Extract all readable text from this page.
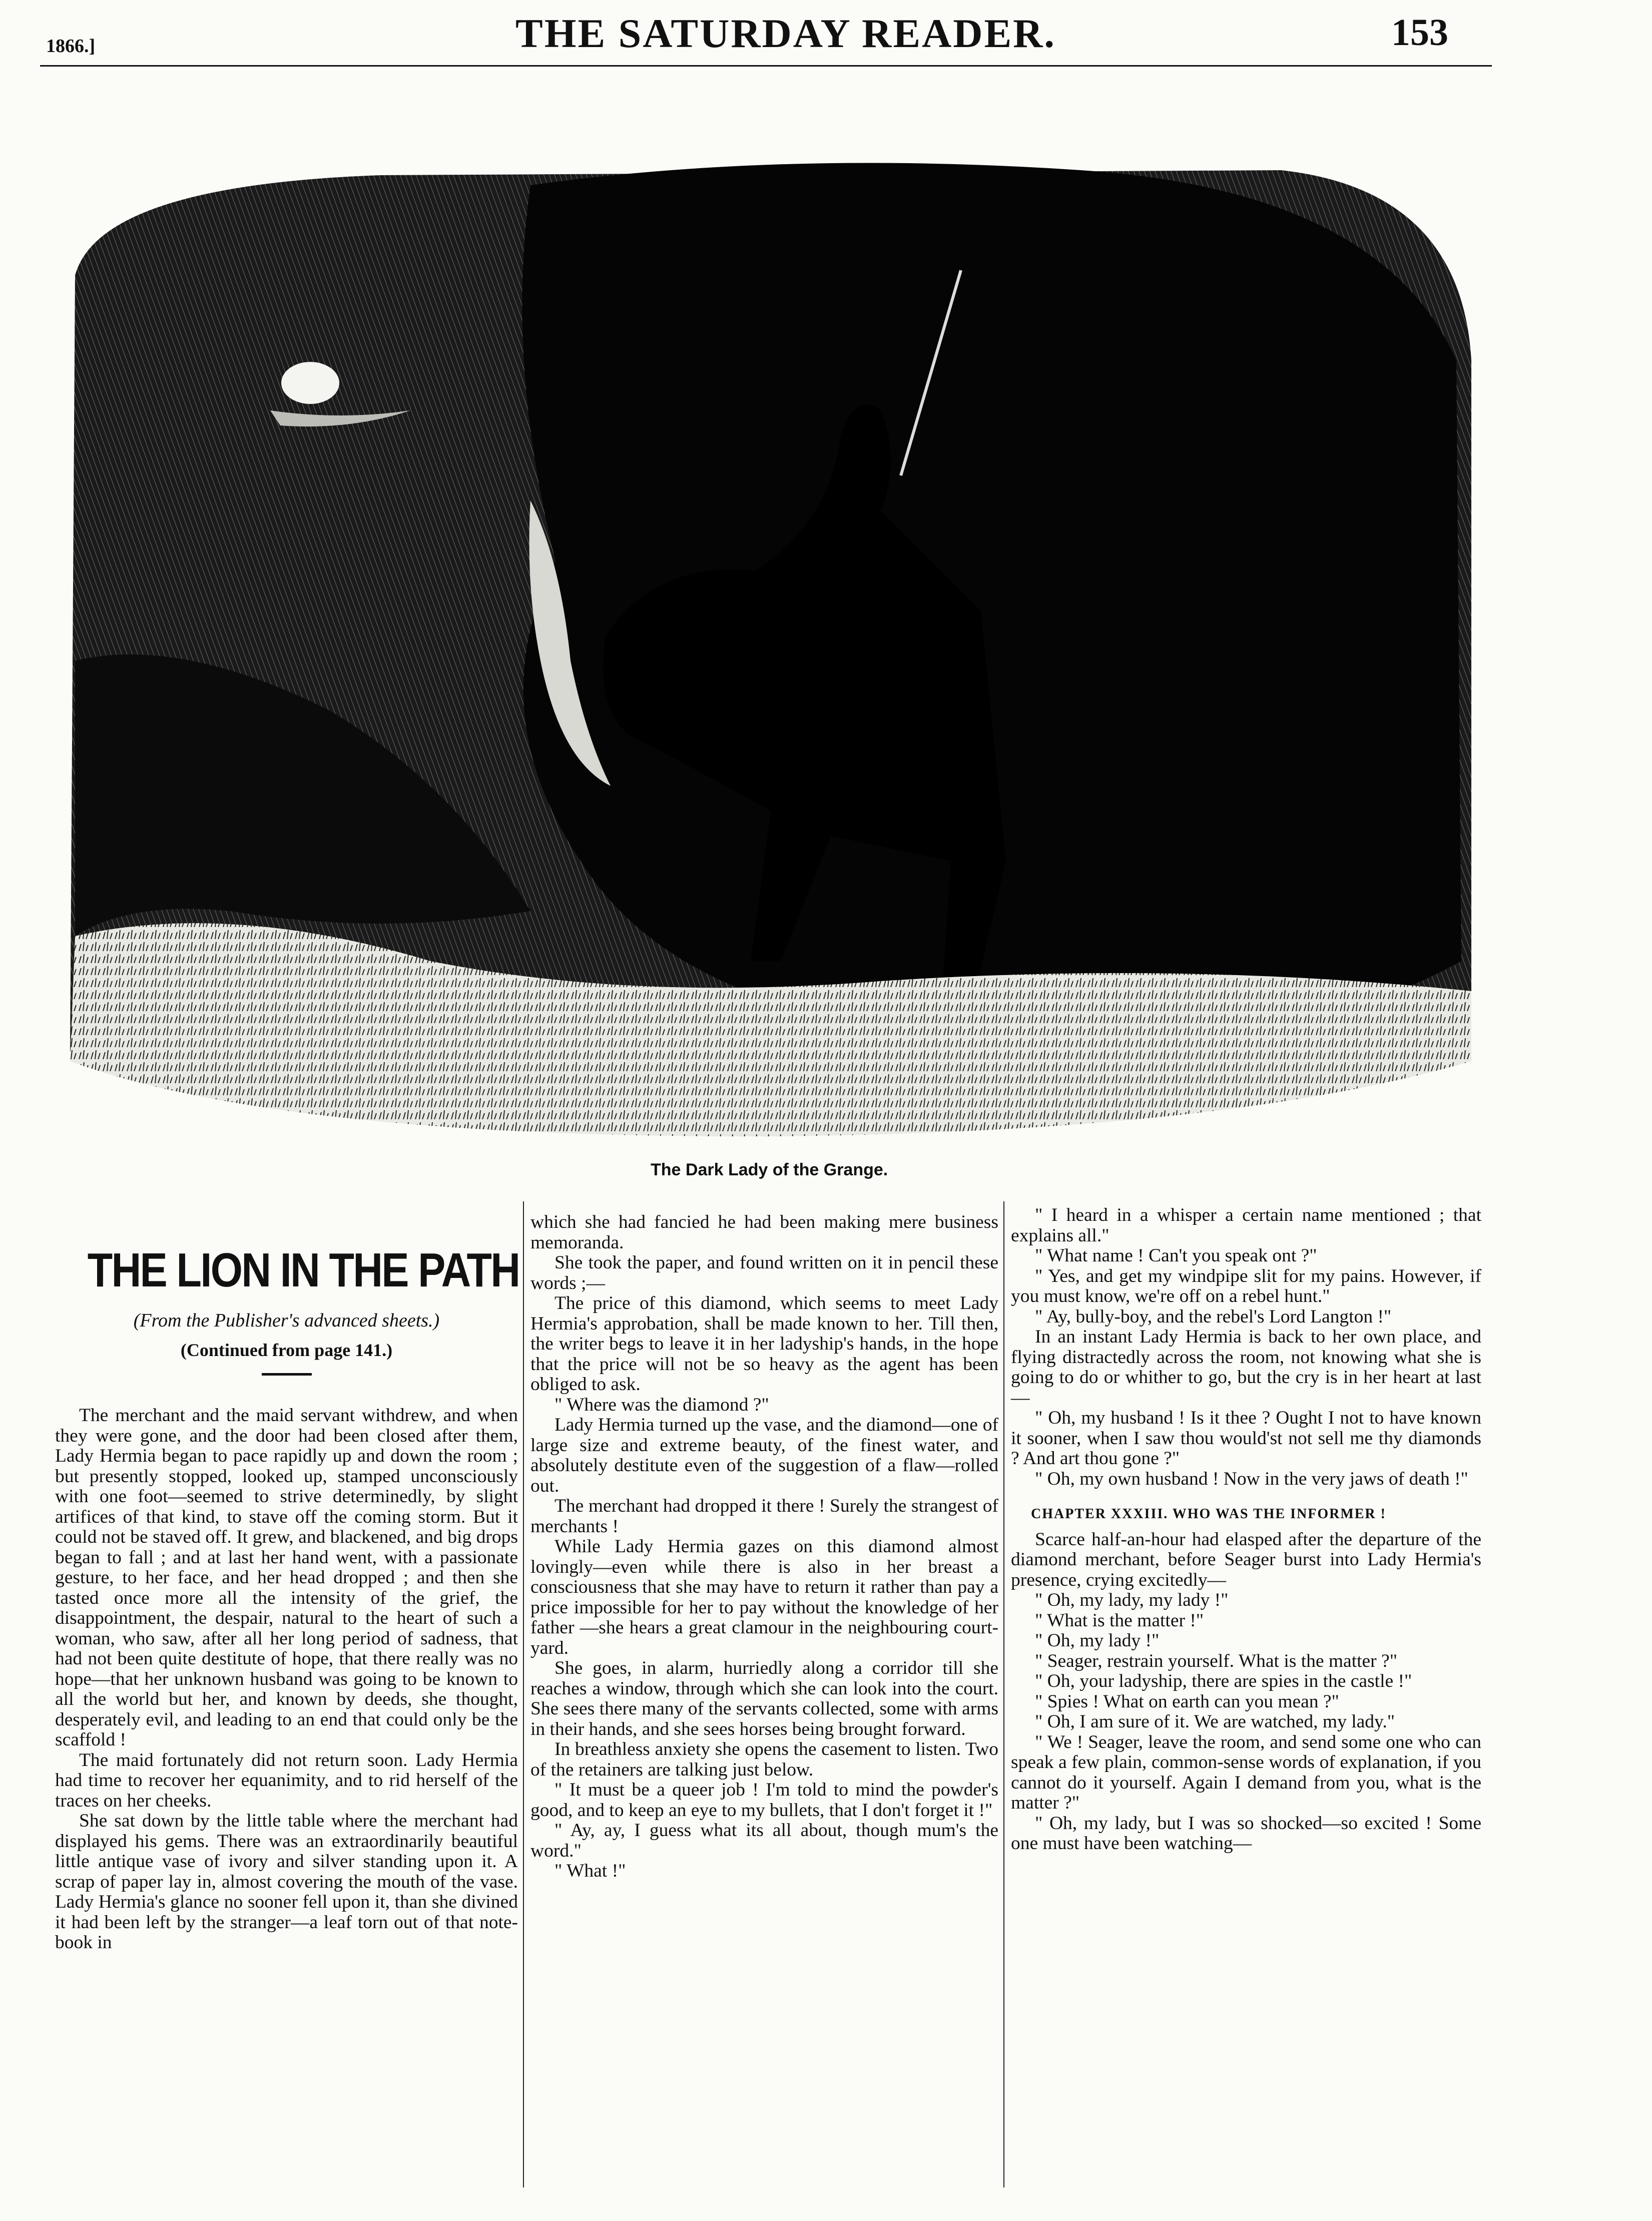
1866.]	THE SATURDAY READER.	153
The Dark Lady of the Grange.
THE LION IN THE PATH

(From the Publisher's advanced sheets.)

(Continued from page 141.)

The merchant and the maid servant withdrew, and when they were gone, and the door had been closed after them, Lady Hermia began to pace rapidly up and down the room ; but presently stopped, looked up, stamped unconsciously with one foot—seemed to strive determinedly, by slight artifices of that kind, to stave off the coming storm. But it could not be staved off. It grew, and blackened, and big drops began to fall ; and at last her hand went, with a passionate gesture, to her face, and her head dropped ; and then she tasted once more all the intensity of the grief, the disappointment, the despair, natural to the heart of such a woman, who saw, after all her long period of sadness, that had not been quite destitute of hope, that there really was no hope—that her unknown husband was going to be known to all the world but her, and known by deeds, she thought, desperately evil, and leading to an end that could only be the scaffold !

The maid fortunately did not return soon. Lady Hermia had time to recover her equanimity, and to rid herself of the traces on her cheeks.

She sat down by the little table where the merchant had displayed his gems. There was an extraordinarily beautiful little antique vase of ivory and silver standing upon it. A scrap of paper lay in, almost covering the mouth of the vase. Lady Hermia's glance no sooner fell upon it, than she divined it had been left by the stranger—a leaf torn out of that note-book in

which she had fancied he had been making mere business memoranda.

She took the paper, and found written on it in pencil these words ;—

The price of this diamond, which seems to meet Lady Hermia's approbation, shall be made known to her. Till then, the writer begs to leave it in her ladyship's hands, in the hope that the price will not be so heavy as the agent has been obliged to ask.

" Where was the diamond ?"

Lady Hermia turned up the vase, and the diamond—one of large size and extreme beauty, of the finest water, and absolutely destitute even of the suggestion of a flaw—rolled out.

The merchant had dropped it there ! Surely the strangest of merchants !

While Lady Hermia gazes on this diamond almost lovingly—even while there is also in her breast a consciousness that she may have to return it rather than pay a price impossible for her to pay without the knowledge of her father —she hears a great clamour in the neighbouring court-yard.

She goes, in alarm, hurriedly along a corridor till she reaches a window, through which she can look into the court. She sees there many of the servants collected, some with arms in their hands, and she sees horses being brought forward.

In breathless anxiety she opens the casement to listen. Two of the retainers are talking just below.

" It must be a queer job ! I'm told to mind the powder's good, and to keep an eye to my bullets, that I don't forget it !"

" Ay, ay, I guess what its all about, though mum's the word."

" What !"

" I heard in a whisper a certain name mentioned ; that explains all."

" What name ! Can't you speak ont ?"

" Yes, and get my windpipe slit for my pains. However, if you must know, we're off on a rebel hunt."

" Ay, bully-boy, and the rebel's Lord Langton !"

In an instant Lady Hermia is back to her own place, and flying distractedly across the room, not knowing what she is going to do or whither to go, but the cry is in her heart at last—

" Oh, my husband ! Is it thee ? Ought I not to have known it sooner, when I saw thou would'st not sell me thy diamonds ? And art thou gone ?"

" Oh, my own husband ! Now in the very jaws of death !"

CHAPTER XXXIII. WHO WAS THE INFORMER !

Scarce half-an-hour had elasped after the departure of the diamond merchant, before Seager burst into Lady Hermia's presence, crying excitedly—

" Oh, my lady, my lady !"

" What is the matter !"

" Oh, my lady !"

" Seager, restrain yourself. What is the matter ?"

" Oh, your ladyship, there are spies in the castle !"

" Spies ! What on earth can you mean ?"

" Oh, I am sure of it. We are watched, my lady."

" We ! Seager, leave the room, and send some one who can speak a few plain, common-sense words of explanation, if you cannot do it yourself. Again I demand from you, what is the matter ?"

" Oh, my lady, but I was so shocked—so excited ! Some one must have been watching—
